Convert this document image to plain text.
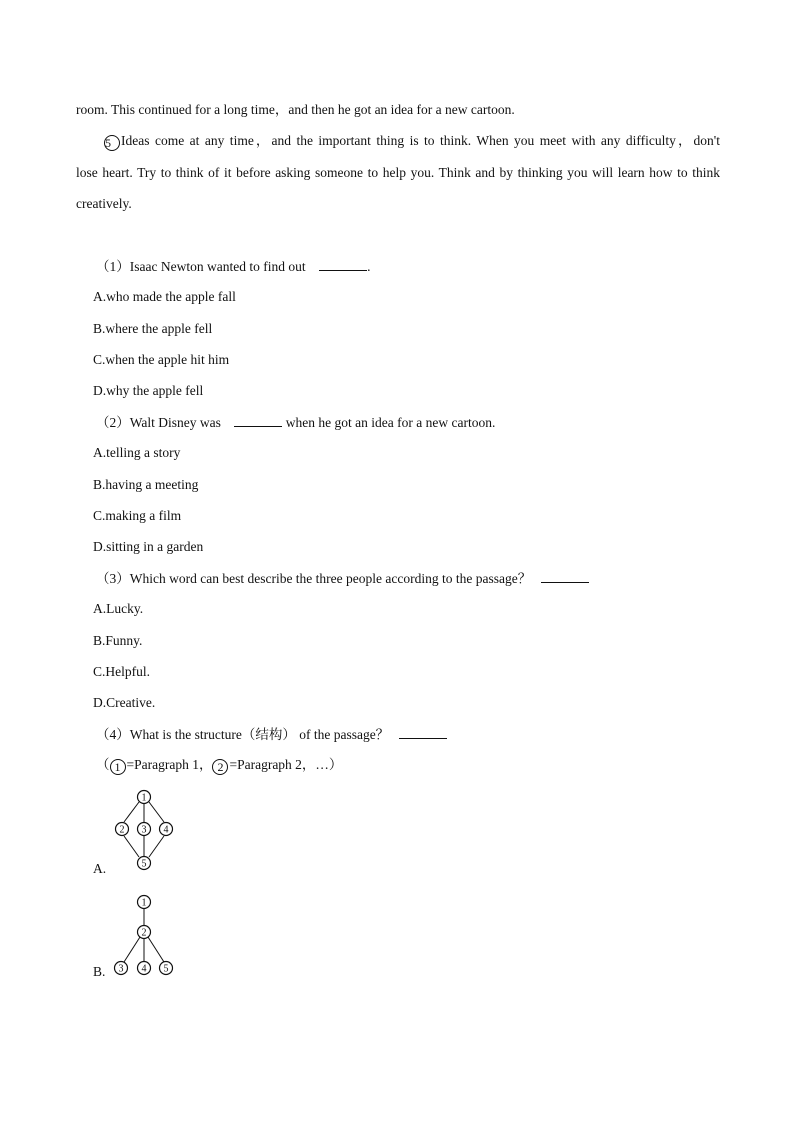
room. This continued for a long time，and then he got an idea for a new cartoon.
5 Ideas come at any time，and the important thing is to think. When you meet with any difficulty，don't
lose heart. Try to think of it before asking someone to help you. Think and by thinking you will learn how to think
creatively.
（1）Isaac Newton wanted to find out	.
A.who made the apple fall
B.where the apple fell
C.when the apple hit him
D.why the apple fell
（2）Walt Disney was	when he got an idea for a new cartoon.
A.telling a story
B.having a meeting
C.making a film
D.sitting in a garden
（3）Which word can best describe the three people according to the passage？
A.Lucky.
B.Funny.
C.Helpful.
D.Creative.
（4）What is the structure（结构） of the passage？
（ 1 =Paragraph 1， 2 =Paragraph 2，…）
A.
1
2 3 4
5
B.
1
2
3 4 5
